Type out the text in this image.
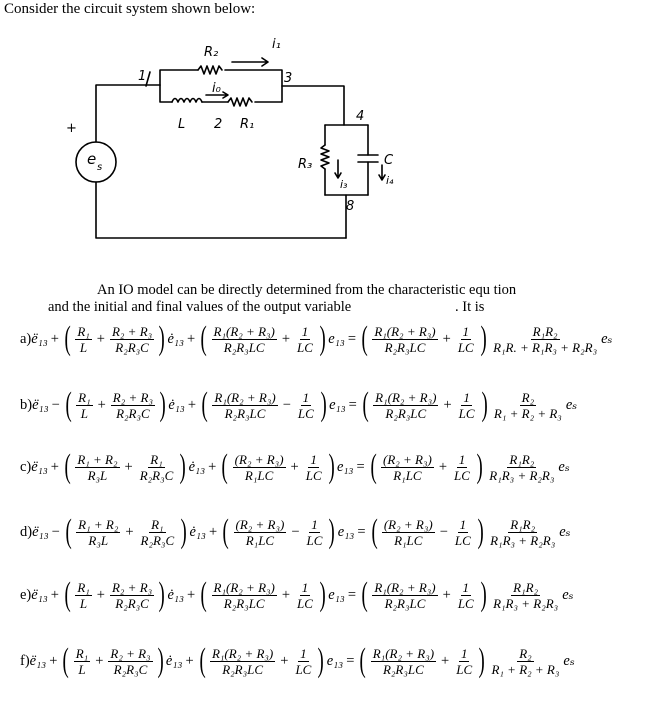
Consider the circuit system shown below:
R₂
i₁
1	3
i₀
L 2 R₁
e s
+
4
R₃
i₃
C
i₄
8
An IO model can be directly determined from the characteristic equ tion
and the initial and final values of the output variable	. It is
a) ë₁₃ + ( $\frac{\text{R₁}}{L} + \frac{\text{R₂ + R₃}}{\text{R₂R₃C}}$ ) ė₁₃ + ( $\frac{\text{R₁(R₂ + R₃)}}{\text{R₂R₃LC}} + \frac{1}{LC}$ ) e₁₃ = ( $\frac{\text{R₁(R₂ + R₃)}}{\text{R₂R₃LC}} + \frac{1}{LC}$ ) $\frac{\text{R₁R₂}}{\text{R₁R. + R₁R₃ + R₂R₃}}$ eₛ
b) ë₁₃ − ( $\frac{\text{R₁}}{L} + \frac{\text{R₂ + R₃}}{\text{R₂R₃C}}$ ) ė₁₃ + ( $\frac{\text{R₁(R₂ + R₃)}}{\text{R₂R₃LC}} - \frac{1}{LC}$ ) e₁₃ = ( $\frac{\text{R₁(R₂ + R₃)}}{\text{R₂R₃LC}} + \frac{1}{LC}$ ) $\frac{\text{R₂}}{\text{R₁ + R₂ + R₃}}$ eₛ
c) ë₁₃ + ( $\frac{\text{R₁ + R₂}}{\text{R₃L}} + \frac{\text{R₁}}{\text{R₂R₃C}}$ ) ė₁₃ + ( $\frac{\text{(R₂ + R₃)}}{\text{R₁LC}} + \frac{1}{LC}$ ) e₁₃ = ( $\frac{\text{(R₂ + R₃)}}{\text{R₁LC}} + \frac{1}{LC}$ ) $\frac{\text{R₁R₂}}{\text{R₁R₃ + R₂R₃}}$ eₛ
d) ë₁₃ − ( $\frac{\text{R₁ + R₂}}{\text{R₃L}} + \frac{\text{R₁}}{\text{R₂R₃C}}$ ) ė₁₃ + ( $\frac{\text{(R₂ + R₃)}}{\text{R₁LC}} - \frac{1}{LC}$ ) e₁₃ = ( $\frac{\text{(R₂ + R₃)}}{\text{R₁LC}} - \frac{1}{LC}$ ) $\frac{\text{R₁R₂}}{\text{R₁R₃ + R₂R₃}}$ eₛ
e) ë₁₃ + ( $\frac{\text{R₁}}{L} + \frac{\text{R₂ + R₃}}{\text{R₂R₃C}}$ ) ė₁₃ + ( $\frac{\text{R₁(R₂ + R₃)}}{\text{R₂R₃LC}} + \frac{1}{LC}$ ) e₁₃ = ( $\frac{\text{R₁(R₂ + R₃)}}{\text{R₂R₃LC}} + \frac{1}{LC}$ ) $\frac{\text{R₁R₂}}{\text{R₁R₃ + R₂R₃}}$ eₛ
f) ë₁₃ + ( $\frac{\text{R₁}}{L} + \frac{\text{R₂ + R₃}}{\text{R₂R₃C}}$ ) ė₁₃ + ( $\frac{\text{R₁(R₂ + R₃)}}{\text{R₂R₃LC}} + \frac{1}{LC}$ ) e₁₃ = ( $\frac{\text{R₁(R₂ + R₃)}}{\text{R₂R₃LC}} + \frac{1}{LC}$ ) $\frac{\text{R₂}}{\text{R₁ + R₂ + R₃}}$ eₛ
